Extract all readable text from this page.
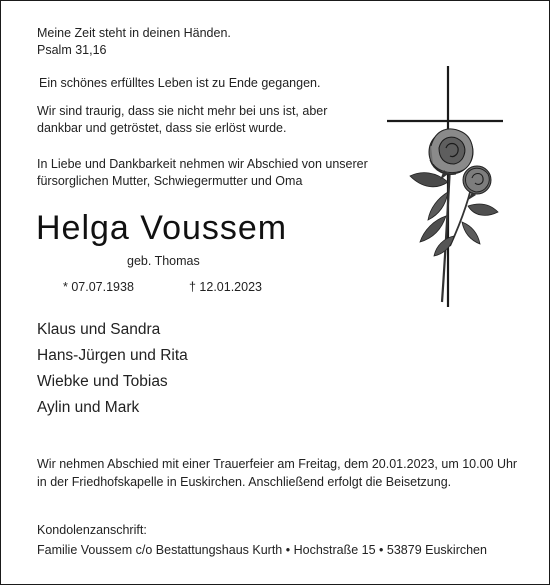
Meine Zeit steht in deinen Händen.

Psalm 31,16

Ein schönes erfülltes Leben ist zu Ende gegangen.

Wir sind traurig, dass sie nicht mehr bei uns ist, aber

dankbar und getröstet, dass sie erlöst wurde.

In Liebe und Dankbarkeit nehmen wir Abschied von unserer

fürsorglichen Mutter, Schwiegermutter und Oma

Helga Voussem

geb. Thomas

* 07.07.1938	† 12.01.2023

Klaus und Sandra

Hans-Jürgen und Rita

Wiebke und Tobias

Aylin und Mark

Wir nehmen Abschied mit einer Trauerfeier am Freitag, dem 20.01.2023, um 10.00 Uhr

in der Friedhofskapelle in Euskirchen. Anschließend erfolgt die Beisetzung.

Kondolenzanschrift:

Familie Voussem c/o Bestattungshaus Kurth • Hochstraße 15 • 53879 Euskirchen
